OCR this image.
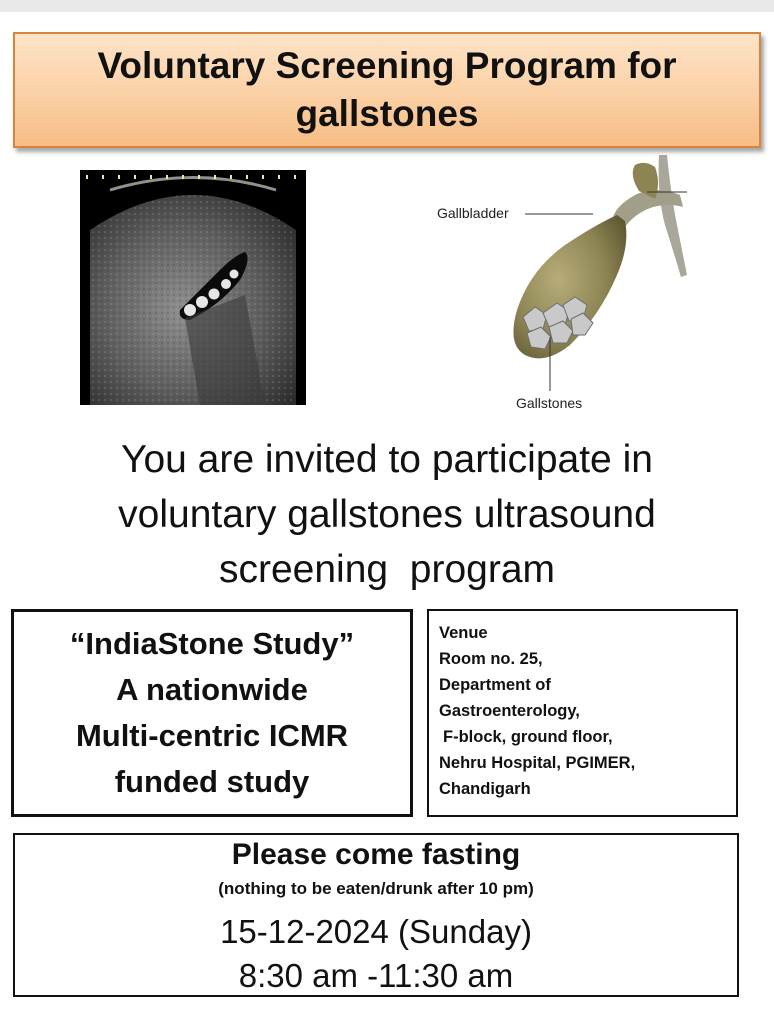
Voluntary Screening Program for
gallstones
Gallbladder
Gallstones
You are invited to participate in
voluntary gallstones ultrasound
screening  program
“IndiaStone Study”
A nationwide
Multi-centric ICMR
funded study
Venue
Room no. 25,
Department of
Gastroenterology,
F-block, ground floor,
Nehru Hospital, PGIMER,
Chandigarh
Please come fasting
(nothing to be eaten/drunk after 10 pm)
15-12-2024 (Sunday)
8:30 am -11:30 am
